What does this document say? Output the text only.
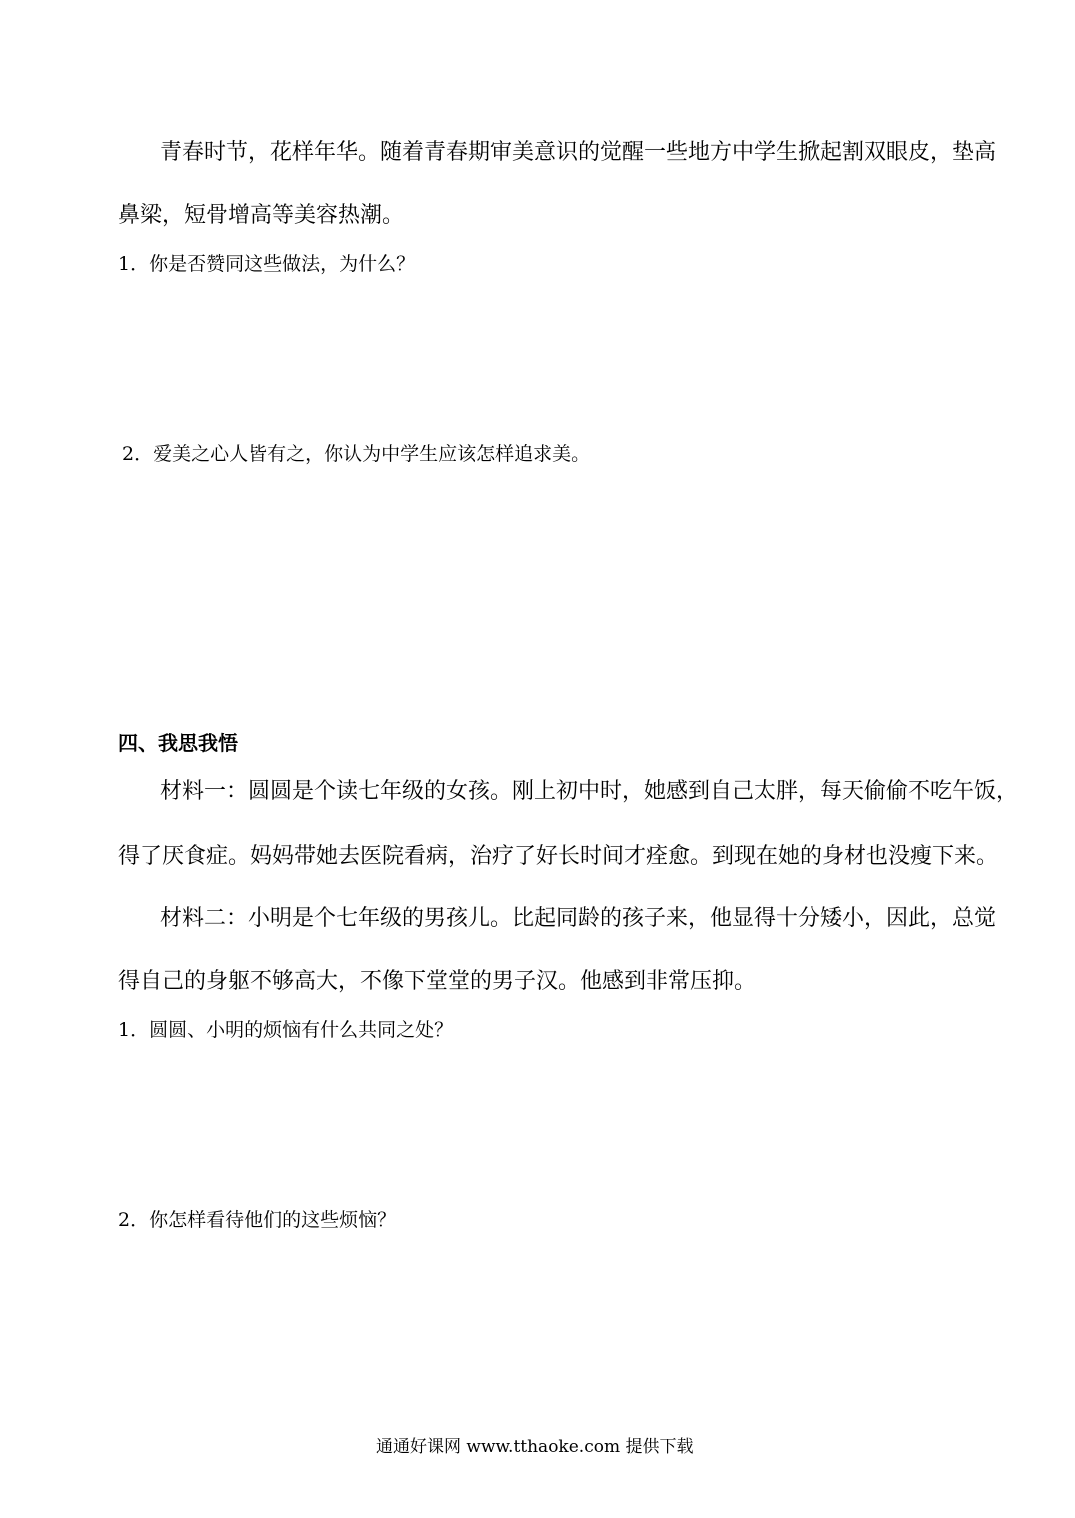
青春时节，花样年华。随着青春期审美意识的觉醒一些地方中学生掀起割双眼皮，垫高
鼻梁，短骨增高等美容热潮。
1．你是否赞同这些做法，为什么？
2．爱美之心人皆有之，你认为中学生应该怎样追求美。
四、我思我悟
材料一：圆圆是个读七年级的女孩。刚上初中时，她感到自己太胖，每天偷偷不吃午饭，
得了厌食症。妈妈带她去医院看病，治疗了好长时间才痊愈。到现在她的身材也没瘦下来。
材料二：小明是个七年级的男孩儿。比起同龄的孩子来，他显得十分矮小，因此，总觉
得自己的身躯不够高大，不像下堂堂的男子汉。他感到非常压抑。
1．圆圆、小明的烦恼有什么共同之处？
2．你怎样看待他们的这些烦恼？
通通好课网 www.tthaoke.com 提供下载
